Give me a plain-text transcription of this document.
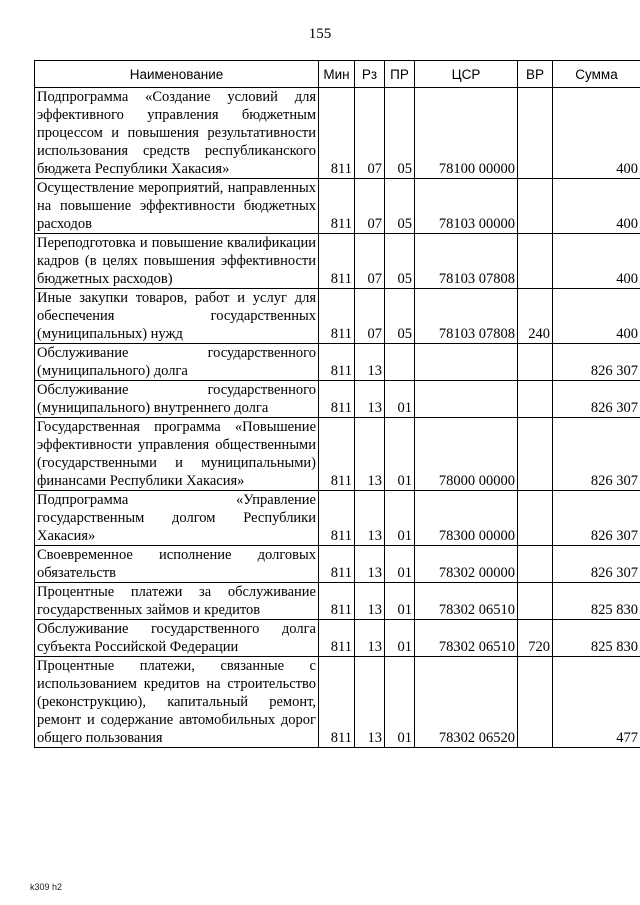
155
Наименование	Мин	Рз	ПР	ЦСР	ВР	Сумма
Подпрограмма «Создание условий для эффективного управления бюджетным процессом и повышения результативности использования средств республиканского бюджета Республики Хакасия»	811	07	05	78100 00000		400
Осуществление мероприятий, направленных на повышение эффективности бюджетных расходов	811	07	05	78103 00000		400
Переподготовка и повышение квалификации кадров (в целях повышения эффективности бюджетных расходов)	811	07	05	78103 07808		400
Иные закупки товаров, работ и услуг для обеспечения государственных (муниципальных) нужд	811	07	05	78103 07808	240	400
Обслуживание государственного (муниципального) долга	811	13				826 307
Обслуживание государственного (муниципального) внутреннего долга	811	13	01			826 307
Государственная программа «Повышение эффективности управления общественными (государственными и муниципальными) финансами Республики Хакасия»	811	13	01	78000 00000		826 307
Подпрограмма «Управление государственным долгом Республики Хакасия»	811	13	01	78300 00000		826 307
Своевременное исполнение долговых обязательств	811	13	01	78302 00000		826 307
Процентные платежи за обслуживание государственных займов и кредитов	811	13	01	78302 06510		825 830
Обслуживание государственного долга субъекта Российской Федерации	811	13	01	78302 06510	720	825 830
Процентные платежи, связанные с использованием кредитов на строительство (реконструкцию), капитальный ремонт, ремонт и содержание автомобильных дорог общего пользования	811	13	01	78302 06520		477
k309 h2
